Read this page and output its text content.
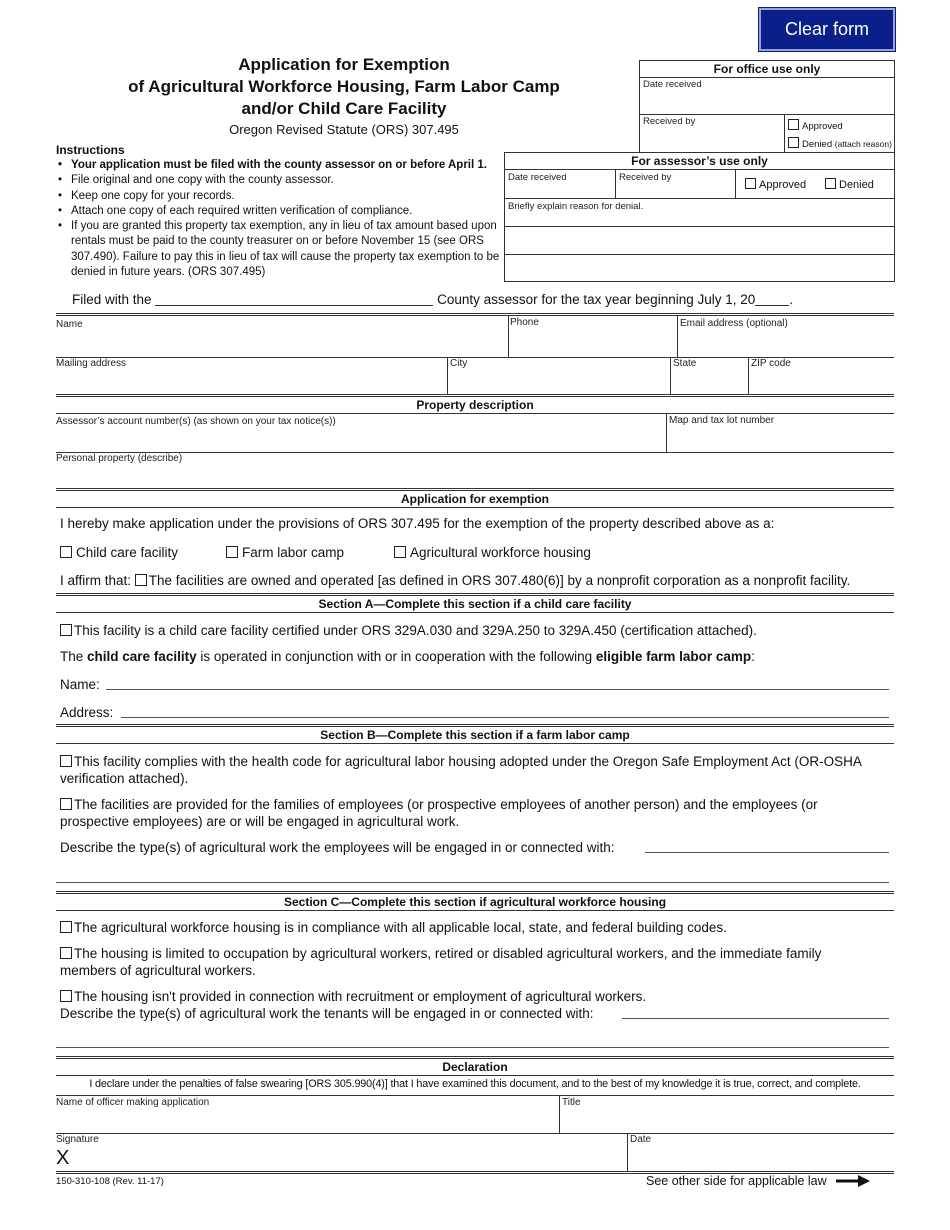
Clear form
Application for Exemption
of Agricultural Workforce Housing, Farm Labor Camp
and/or Child Care Facility
Oregon Revised Statute (ORS) 307.495
For office use only
Date received
Received by	Approved
Denied (attach reason)
Instructions
• Your application must be filed with the county assessor on or before April 1.
• File original and one copy with the county assessor.
• Keep one copy for your records.
• Attach one copy of each required written verification of compliance.
• If you are granted this property tax exemption, any in lieu of tax amount based upon rentals must be paid to the county treasurer on or before November 15 (see ORS 307.490). Failure to pay this in lieu of tax will cause the property tax exemption to be denied in future years. (ORS 307.495)
For assessor’s use only
Date received	Received by
Approved	Denied
Briefly explain reason for denial.
Filed with the	County assessor for the tax year beginning July 1, 20	.
Name	Phone	Email address (optional)
Mailing address	City	State	ZIP code
Property description
Assessor’s account number(s) (as shown on your tax notice(s))	Map and tax lot number
Personal property (describe)
Application for exemption
I hereby make application under the provisions of ORS 307.495 for the exemption of the property described above as a:
Child care facility	Farm labor camp	Agricultural workforce housing
I affirm that: The facilities are owned and operated [as defined in ORS 307.480(6)] by a nonprofit corporation as a nonprofit facility.
Section A—Complete this section if a child care facility
This facility is a child care facility certified under ORS 329A.030 and 329A.250 to 329A.450 (certification attached).
The child care facility is operated in conjunction with or in cooperation with the following eligible farm labor camp:
Name:
Address:
Section B—Complete this section if a farm labor camp
This facility complies with the health code for agricultural labor housing adopted under the Oregon Safe Employment Act (OR-OSHA verification attached).
The facilities are provided for the families of employees (or prospective employees of another person) and the employees (or prospective employees) are or will be engaged in agricultural work.
Describe the type(s) of agricultural work the employees will be engaged in or connected with:
Section C—Complete this section if agricultural workforce housing
The agricultural workforce housing is in compliance with all applicable local, state, and federal building codes.
The housing is limited to occupation by agricultural workers, retired or disabled agricultural workers, and the immediate family members of agricultural workers.
The housing isn't provided in connection with recruitment or employment of agricultural workers.
Describe the type(s) of agricultural work the tenants will be engaged in or connected with:
Declaration
I declare under the penalties of false swearing [ORS 305.990(4)] that I have examined this document, and to the best of my knowledge it is true, correct, and complete.
Name of officer making application	Title
Signature
X
Date
150-310-108 (Rev. 11-17)	See other side for applicable law
